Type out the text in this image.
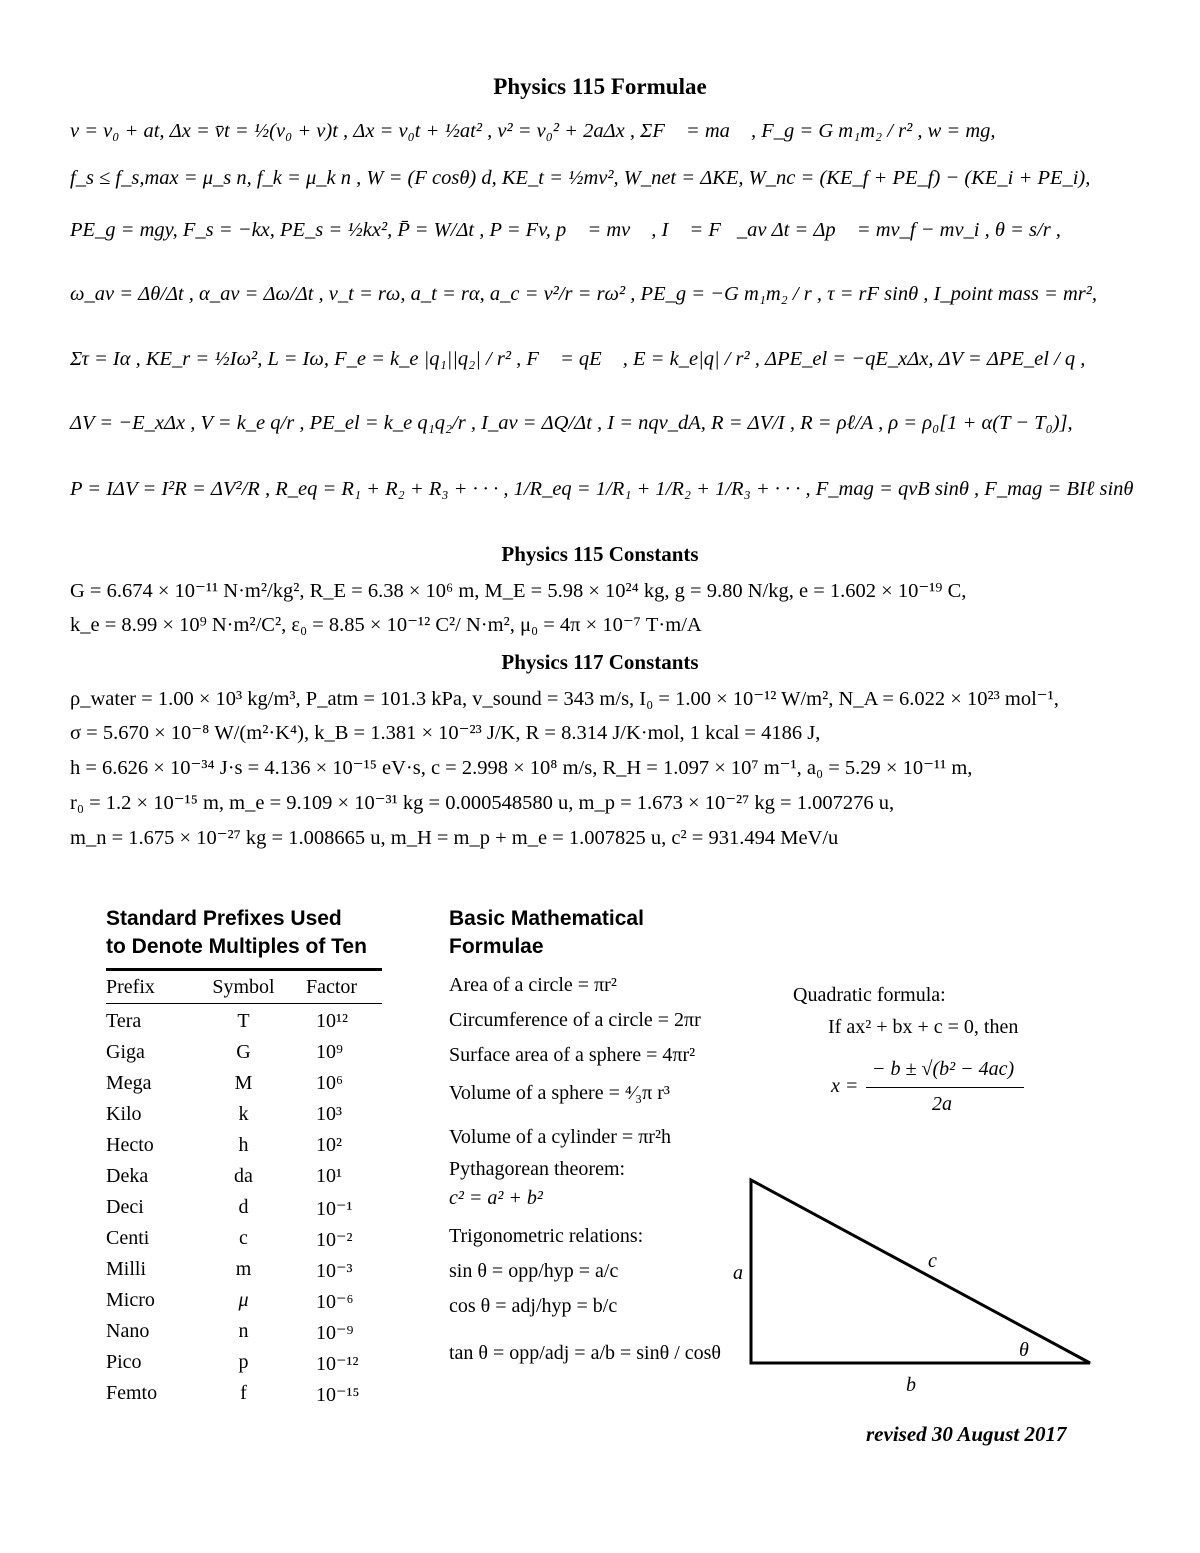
Physics 115 Formulae
v = v₀ + at, Δx = v̄t = ½(v₀ + v)t , Δx = v₀t + ½at² , v² = v₀² + 2aΔx , ΣF⃗ = ma⃗ , F_g = G m₁m₂ / r² , w = mg,
f_s ≤ f_s,max = μ_s n, f_k = μ_k n , W = (F cosθ) d, KE_t = ½mv², W_net = ΔKE, W_nc = (KE_f + PE_f) − (KE_i + PE_i),
PE_g = mgy, F_s = −kx, PE_s = ½kx², P̄ = W/Δt , P = Fv, p⃗ = mv⃗ , I⃗ = F⃗_av Δt = Δp⃗ = mv_f − mv_i , θ = s/r ,
ω_av = Δθ/Δt , α_av = Δω/Δt , v_t = rω, a_t = rα, a_c = v²/r = rω² , PE_g = −G m₁m₂ / r , τ = rF sinθ , I_point mass = mr²,
Στ = Iα , KE_r = ½Iω², L = Iω, F_e = k_e |q₁||q₂| / r² , F⃗ = qE⃗ , E = k_e|q| / r² , ΔPE_el = −qE_xΔx, ΔV = ΔPE_el / q ,
ΔV = −E_xΔx , V = k_e q/r , PE_el = k_e q₁q₂/r , I_av = ΔQ/Δt , I = nqv_dA, R = ΔV/I , R = ρℓ/A , ρ = ρ₀[1 + α(T − T₀)],
P = IΔV = I²R = ΔV²/R , R_eq = R₁ + R₂ + R₃ + · · · , 1/R_eq = 1/R₁ + 1/R₂ + 1/R₃ + · · · , F_mag = qvB sinθ , F_mag = BIℓ sinθ
Physics 115 Constants
G = 6.674 × 10⁻¹¹ N·m²/kg², R_E = 6.38 × 10⁶ m, M_E = 5.98 × 10²⁴ kg, g = 9.80 N/kg, e = 1.602 × 10⁻¹⁹ C,
k_e = 8.99 × 10⁹ N·m²/C², ε₀ = 8.85 × 10⁻¹² C²/ N·m², μ₀ = 4π × 10⁻⁷ T·m/A
Physics 117 Constants
ρ_water = 1.00 × 10³ kg/m³, P_atm = 101.3 kPa, v_sound = 343 m/s, I₀ = 1.00 × 10⁻¹² W/m², N_A = 6.022 × 10²³ mol⁻¹,
σ = 5.670 × 10⁻⁸ W/(m²·K⁴), k_B = 1.381 × 10⁻²³ J/K, R = 8.314 J/K·mol, 1 kcal = 4186 J,
h = 6.626 × 10⁻³⁴ J·s = 4.136 × 10⁻¹⁵ eV·s, c = 2.998 × 10⁸ m/s, R_H = 1.097 × 10⁷ m⁻¹, a₀ = 5.29 × 10⁻¹¹ m,
r₀ = 1.2 × 10⁻¹⁵ m, m_e = 9.109 × 10⁻³¹ kg = 0.000548580 u, m_p = 1.673 × 10⁻²⁷ kg = 1.007276 u,
m_n = 1.675 × 10⁻²⁷ kg = 1.008665 u, m_H = m_p + m_e = 1.007825 u, c² = 931.494 MeV/u
Standard Prefixes Used
to Denote Multiples of Ten
Prefix	Symbol	Factor
Tera	T	10¹²
Giga	G	10⁹
Mega	M	10⁶
Kilo	k	10³
Hecto	h	10²
Deka	da	10¹
Deci	d	10⁻¹
Centi	c	10⁻²
Milli	m	10⁻³
Micro	μ	10⁻⁶
Nano	n	10⁻⁹
Pico	p	10⁻¹²
Femto	f	10⁻¹⁵
Basic Mathematical
Formulae
Area of a circle = πr²
Circumference of a circle = 2πr
Surface area of a sphere = 4πr²
Volume of a sphere = ⁴⁄₃π r³
Volume of a cylinder = πr²h
Pythagorean theorem:
c² = a² + b²
Trigonometric relations:
sin θ = opp/hyp = a/c
cos θ = adj/hyp = b/c
tan θ = opp/adj = a/b = sinθ / cosθ
Quadratic formula:
If ax² + bx + c = 0, then
x =
− b ± √(b² − 4ac)
2a
a
c
b
θ
revised 30 August 2017
